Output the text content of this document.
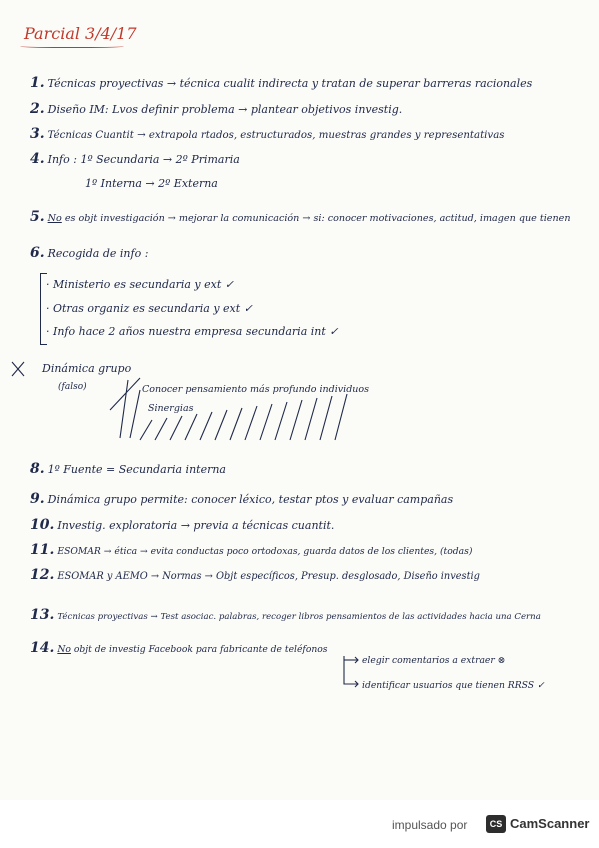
Parcial 3/4/17
1. Técnicas proyectivas → técnica cualit indirecta y tratan de superar barreras racionales
2. Diseño IM: Lvos definir problema → plantear objetivos investig.
3. Técnicas Cuantit → extrapola rtados, estructurados, muestras grandes y representativas
4. Info : 1º Secundaria → 2º Primaria
1º Interna → 2º Externa
5. No es objt investigación → mejorar la comunicación → si: conocer motivaciones, actitud, imagen que tienen
6. Recogida de info :
· Ministerio es secundaria y ext ✓
· Otras organiz es secundaria y ext ✓
· Info hace 2 años nuestra empresa secundaria int ✓
Dinámica grupo
(falso)	Conocer pensamiento más profundo individuos
Sinergias
8. 1º Fuente = Secundaria interna
9. Dinámica grupo permite: conocer léxico, testar ptos y evaluar campañas
10. Investig. exploratoria → previa a técnicas cuantit.
11. ESOMAR → ética → evita conductas poco ortodoxas, guarda datos de los clientes, (todas)
12. ESOMAR y AEMO → Normas → Objt específicos, Presup. desglosado, Diseño investig
13. Técnicas proyectivas → Test asociac. palabras, recoger libros pensamientos de las actividades hacia una Cerna
14. No objt de investig Facebook para fabricante de teléfonos
elegir comentarios a extraer ⊗
identificar usuarios que tienen RRSS ✓
impulsado por	CS CamScanner
